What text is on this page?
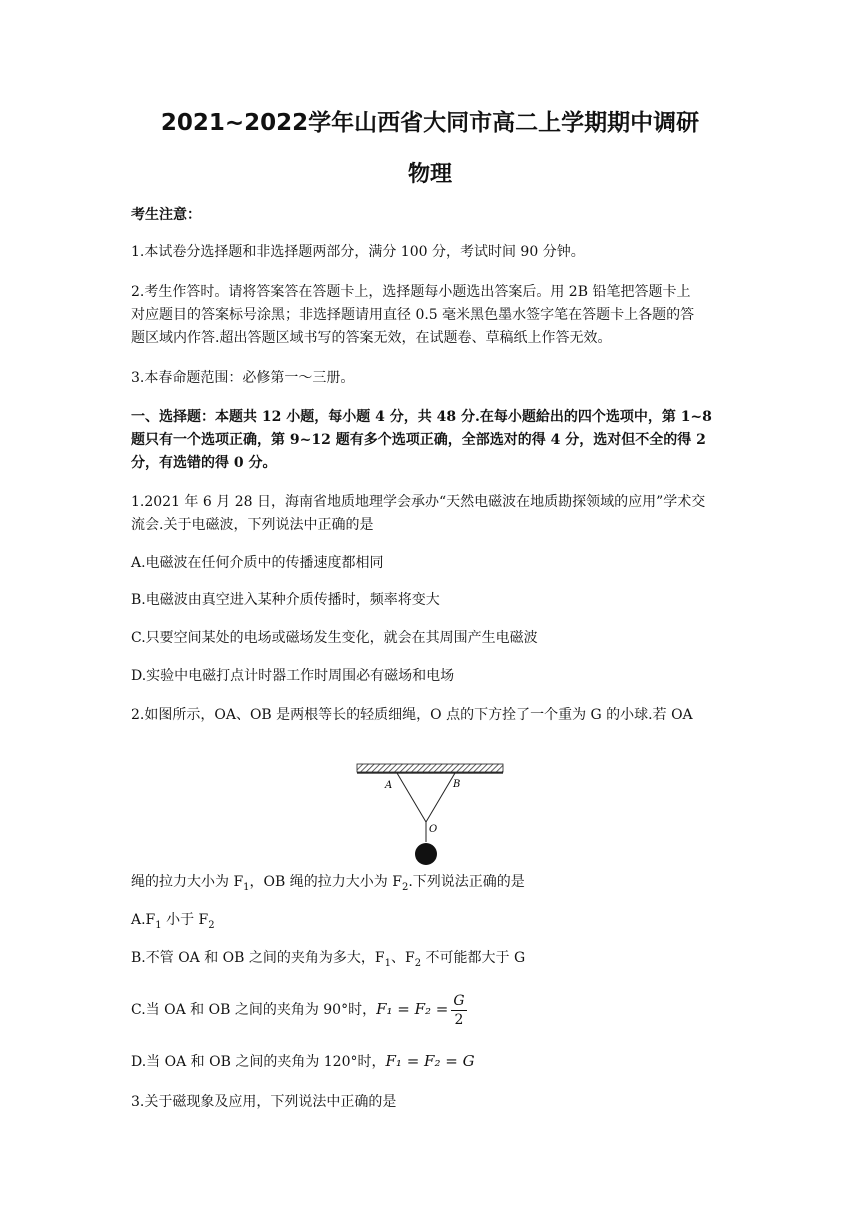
2021~2022学年山西省大同市高二上学期期中调研
物理
考生注意：
1.本试卷分选择题和非选择题两部分，满分 100 分，考试时间 90 分钟。
2.考生作答时。请将答案答在答题卡上，选择题每小题选出答案后。用 2B 铅笔把答题卡上
对应题目的答案标号涂黑；非选择题请用直径 0.5 毫米黑色墨水签字笔在答题卡上各题的答
题区域内作答.超出答题区域书写的答案无效，在试题卷、草稿纸上作答无效。
3.本春命题范围：必修第一～三册。
一、选择题：本题共 12 小题，每小题 4 分，共 48 分.在每小题給出的四个选项中，第 1~8
题只有一个选项正确，第 9~12 题有多个选项正确，全部选对的得 4 分，选对但不全的得 2
分，有选错的得 0 分。
1.2021 年 6 月 28 日，海南省地质地理学会承办“天然电磁波在地质勘探领域的应用”学术交
流会.关于电磁波，下列说法中正确的是
A.电磁波在任何介质中的传播速度都相同
B.电磁波由真空进入某种介质传播时，频率将变大
C.只要空间某处的电场或磁场发生变化，就会在其周围产生电磁波
D.实验中电磁打点计时器工作时周围必有磁场和电场
2.如图所示，OA、OB 是两根等长的轻质细绳，O 点的下方拴了一个重为 G 的小球.若 OA
A	B
O
绳的拉力大小为 $F_1$，OB 绳的拉力大小为 $F_2$.下列说法正确的是
$A.F_1$ 小于 $F_2$
B.不管 OA 和 OB 之间的夹角为多大，$F_1$、$F_2$ 不可能都大于 G
C.当 OA 和 OB 之间的夹角为 90°时，$F_1 = F_2 = \frac{G}{2}$
D.当 OA 和 OB 之间的夹角为 120°时，F₁ = F₂ = G
3.关于磁现象及应用，下列说法中正确的是
